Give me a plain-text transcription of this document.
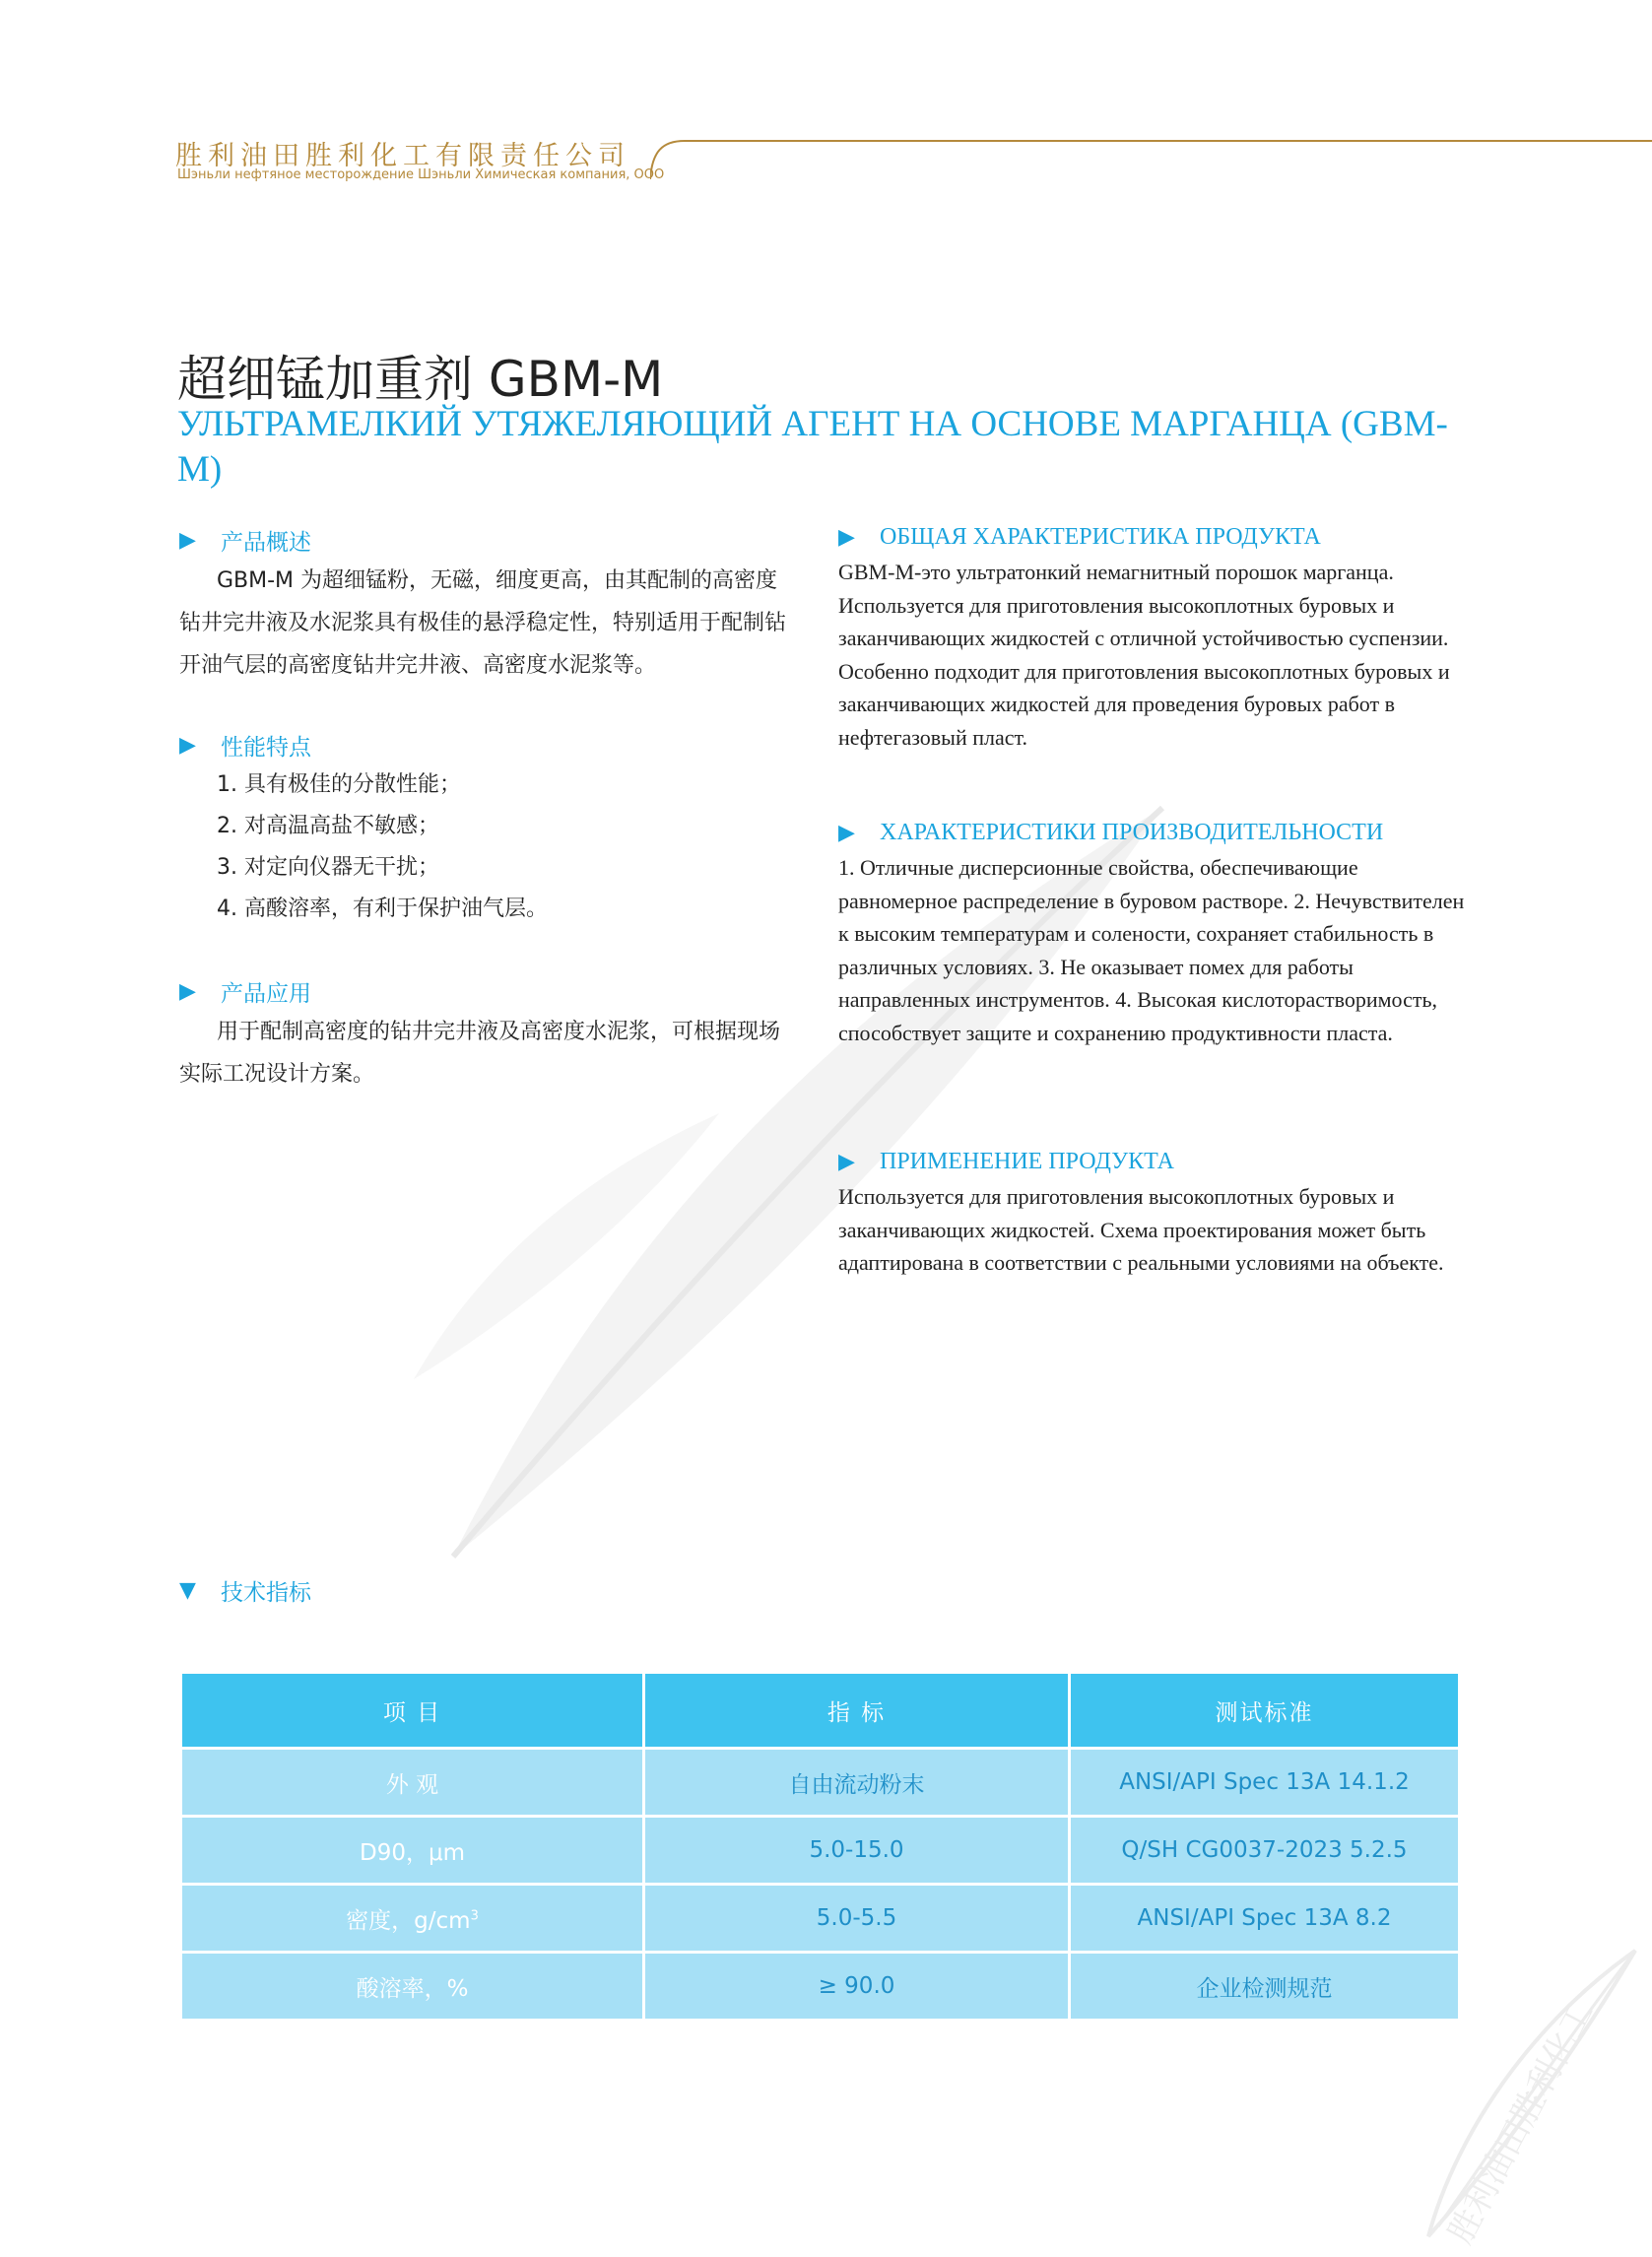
胜利油田胜利化工有限责任公司
Шэньли нефтяное месторождение Шэньли Химическая компания, ООО
超细锰加重剂 GBM-M
УЛЬТРАМЕЛКИЙ УТЯЖЕЛЯЮЩИЙ АГЕНТ НА ОСНОВЕ МАРГАНЦА (GBM-M)
▶	产品概述
GBM-M 为超细锰粉，无磁，细度更高，由其配制的高密度钻井完井液及水泥浆具有极佳的悬浮稳定性，特别适用于配制钻开油气层的高密度钻井完井液、高密度水泥浆等。
▶	性能特点
1. 具有极佳的分散性能；
2. 对高温高盐不敏感；
3. 对定向仪器无干扰；
4. 高酸溶率，有利于保护油气层。
▶	产品应用
用于配制高密度的钻井完井液及高密度水泥浆，可根据现场实际工况设计方案。
▶	ОБЩАЯ ХАРАКТЕРИСТИКА ПРОДУКТА
GBM-M-это ультратонкий немагнитный порошок марганца. Используется для приготовления высокоплотных буровых и заканчивающих жидкостей с отличной устойчивостью суспензии. Особенно подходит для приготовления высокоплотных буровых и заканчивающих жидкостей для проведения буровых работ в нефтегазовый пласт.
▶	ХАРАКТЕРИСТИКИ ПРОИЗВОДИТЕЛЬНОСТИ
1. Отличные дисперсионные свойства, обеспечивающие равномерное распределение в буровом растворе. 2. Нечувствителен к высоким температурам и солености, сохраняет стабильность в различных условиях. 3. Не оказывает помех для работы направленных инструментов. 4. Высокая кислоторастворимость, способствует защите и сохранению продуктивности пласта.
▶	ПРИМЕНЕНИЕ ПРОДУКТА
Используется для приготовления высокоплотных буровых и заканчивающих жидкостей. Схема проектирования может быть адаптирована в соответствии с реальными условиями на объекте.
▼	技术指标
项 目	指 标	测试标准
外 观	自由流动粉末	ANSI/API Spec 13A 14.1.2
D90，μm	5.0-15.0	Q/SH CG0037-2023 5.2.5
密度，$g/cm^3$	5.0-5.5	ANSI/API Spec 13A 8.2
酸溶率，%	≥ 90.0	企业检测规范
胜利油田胜利化工
